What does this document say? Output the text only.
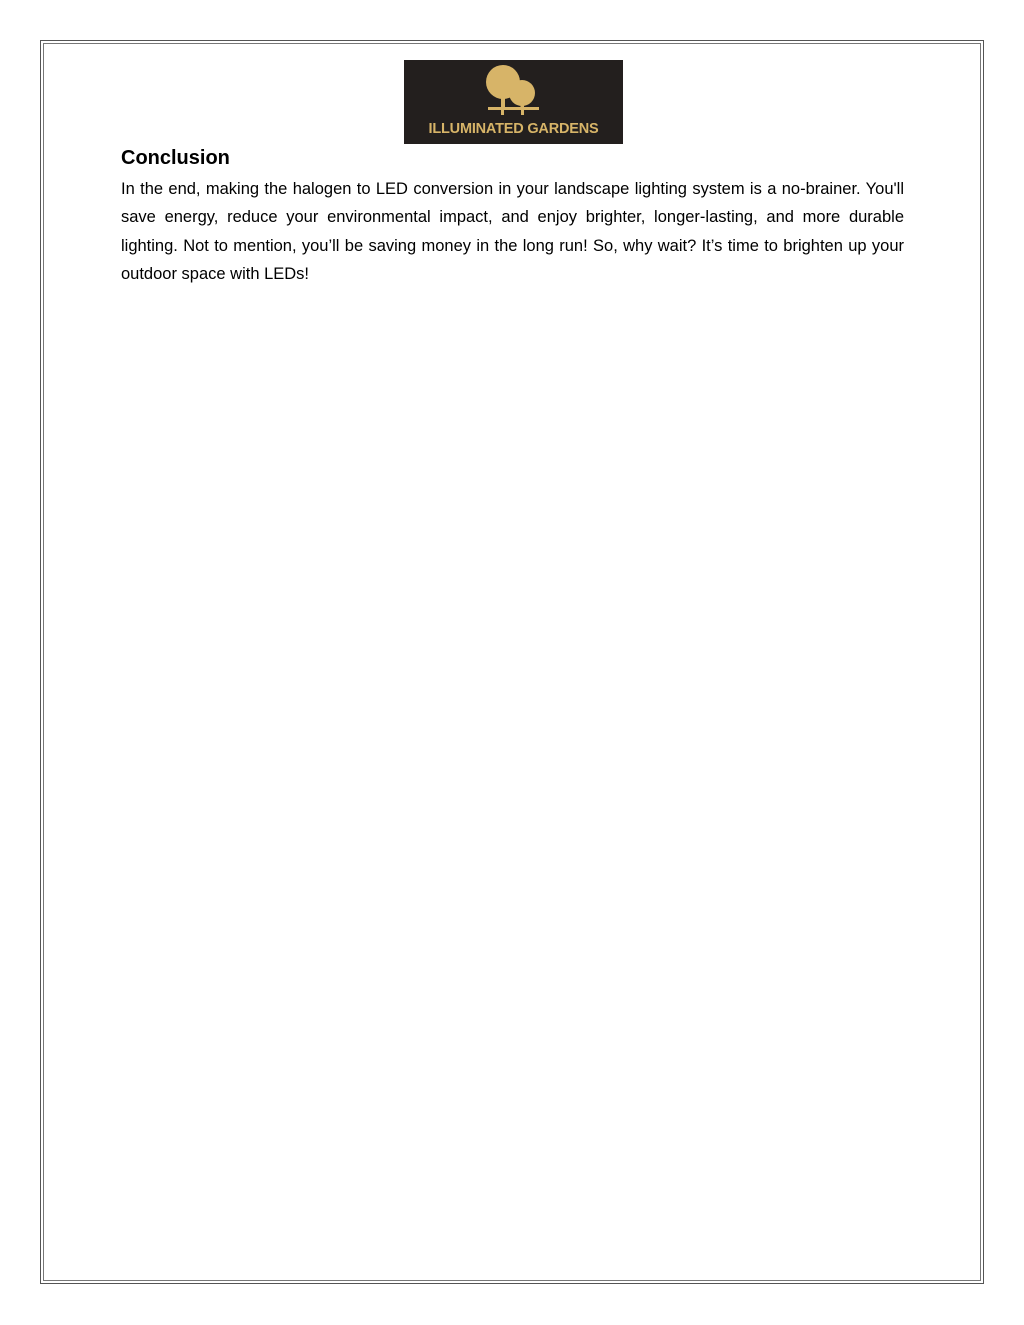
ILLUMINATED GARDENS
Conclusion

In the end, making the halogen to LED conversion in your landscape lighting system is a no-brainer. You'll save energy, reduce your environmental impact, and enjoy brighter, longer-lasting, and more durable lighting. Not to mention, you’ll be saving money in the long run! So, why wait? It’s time to brighten up your outdoor space with LEDs!
